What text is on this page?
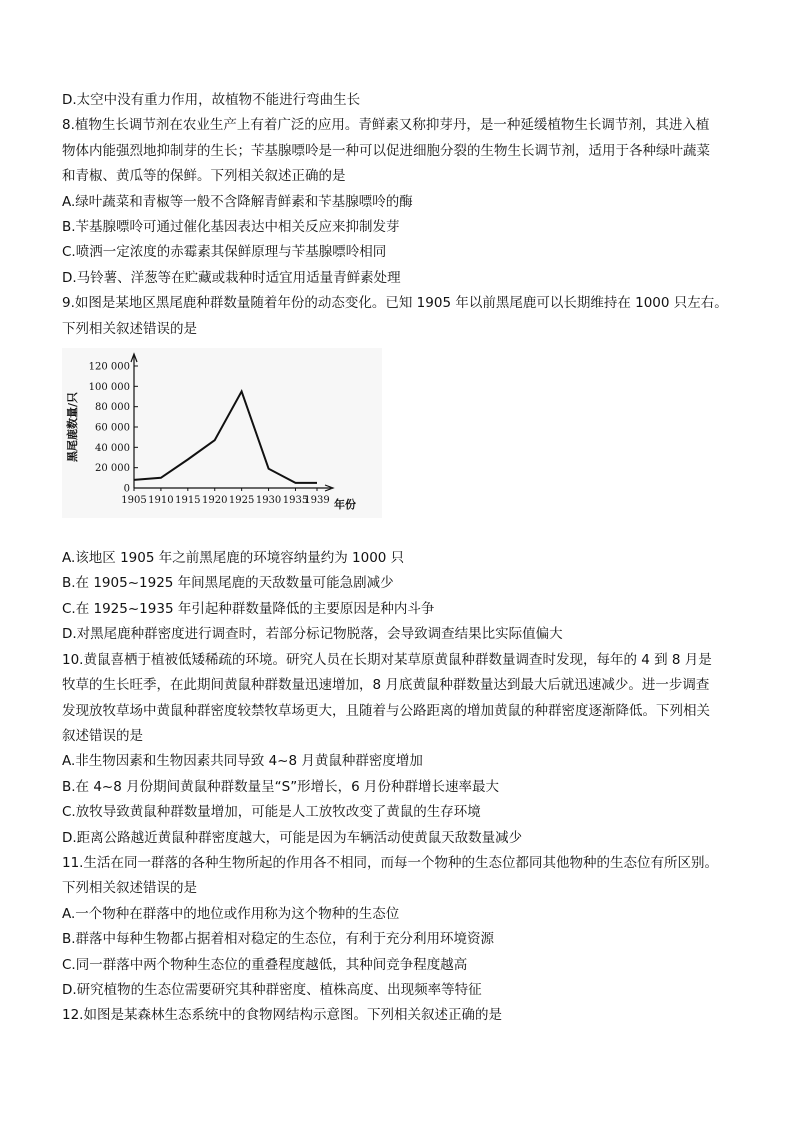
D.太空中没有重力作用，故植物不能进行弯曲生长
8.植物生长调节剂在农业生产上有着广泛的应用。青鲜素又称抑芽丹，是一种延缓植物生长调节剂，其进入植
物体内能强烈地抑制芽的生长；苄基腺嘌呤是一种可以促进细胞分裂的生物生长调节剂，适用于各种绿叶蔬菜
和青椒、黄瓜等的保鲜。下列相关叙述正确的是
A.绿叶蔬菜和青椒等一般不含降解青鲜素和苄基腺嘌呤的酶
B.苄基腺嘌呤可通过催化基因表达中相关反应来抑制发芽
C.喷洒一定浓度的赤霉素其保鲜原理与苄基腺嘌呤相同
D.马铃薯、洋葱等在贮藏或栽种时适宜用适量青鲜素处理
9.如图是某地区黑尾鹿种群数量随着年份的动态变化。已知 1905 年以前黑尾鹿可以长期维持在 1000 只左右。
下列相关叙述错误的是
0
20 000
40 000
60 000
80 000
100 000
120 000
1905 1910 1915 1920 1925 1930 1935
1939
黑尾鹿数量/只
年份
A.该地区 1905 年之前黑尾鹿的环境容纳量约为 1000 只
B.在 1905~1925 年间黑尾鹿的天敌数量可能急剧减少
C.在 1925~1935 年引起种群数量降低的主要原因是种内斗争
D.对黑尾鹿种群密度进行调查时，若部分标记物脱落，会导致调查结果比实际值偏大
10.黄鼠喜栖于植被低矮稀疏的环境。研究人员在长期对某草原黄鼠种群数量调查时发现，每年的 4 到 8 月是
牧草的生长旺季，在此期间黄鼠种群数量迅速增加，8 月底黄鼠种群数量达到最大后就迅速减少。进一步调查
发现放牧草场中黄鼠种群密度较禁牧草场更大，且随着与公路距离的增加黄鼠的种群密度逐渐降低。下列相关
叙述错误的是
A.非生物因素和生物因素共同导致 4~8 月黄鼠种群密度增加
B.在 4~8 月份期间黄鼠种群数量呈“S”形增长，6 月份种群增长速率最大
C.放牧导致黄鼠种群数量增加，可能是人工放牧改变了黄鼠的生存环境
D.距离公路越近黄鼠种群密度越大，可能是因为车辆活动使黄鼠天敌数量减少
11.生活在同一群落的各种生物所起的作用各不相同，而每一个物种的生态位都同其他物种的生态位有所区别。
下列相关叙述错误的是
A.一个物种在群落中的地位或作用称为这个物种的生态位
B.群落中每种生物都占据着相对稳定的生态位，有利于充分利用环境资源
C.同一群落中两个物种生态位的重叠程度越低，其种间竞争程度越高
D.研究植物的生态位需要研究其种群密度、植株高度、出现频率等特征
12.如图是某森林生态系统中的食物网结构示意图。下列相关叙述正确的是
